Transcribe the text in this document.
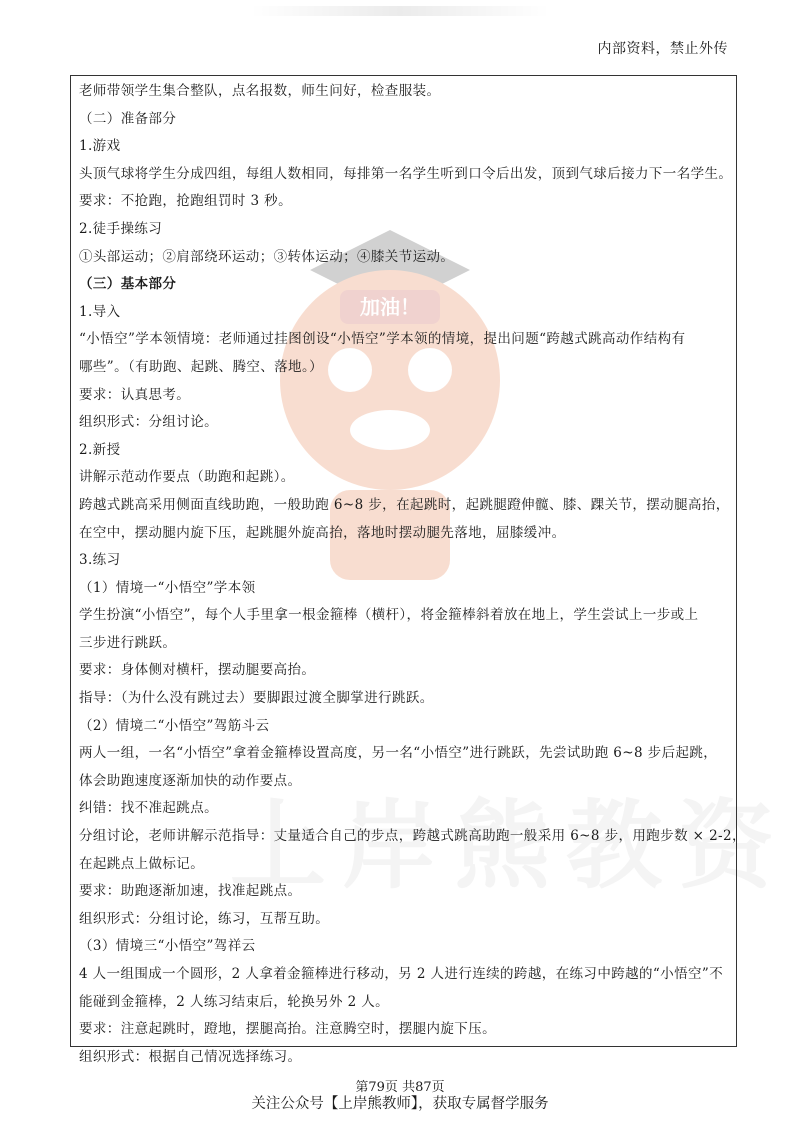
内部资料，禁止外传
加油！
老师带领学生集合整队，点名报数，师生问好，检查服装。
（二）准备部分
1.游戏
头顶气球将学生分成四组，每组人数相同，每排第一名学生听到口令后出发，顶到气球后接力下一名学生。
要求：不抢跑，抢跑组罚时 3 秒。
2.徒手操练习
①头部运动；②肩部绕环运动；③转体运动；④膝关节运动。
（三）基本部分
1.导入
“小悟空”学本领情境：老师通过挂图创设“小悟空”学本领的情境，提出问题“跨越式跳高动作结构有
哪些”。（有助跑、起跳、腾空、落地。）
要求：认真思考。
组织形式：分组讨论。
2.新授
讲解示范动作要点（助跑和起跳）。
跨越式跳高采用侧面直线助跑，一般助跑 6~8 步，在起跳时，起跳腿蹬伸髋、膝、踝关节，摆动腿高抬，
在空中，摆动腿内旋下压，起跳腿外旋高抬，落地时摆动腿先落地，屈膝缓冲。
3.练习
（1）情境一“小悟空”学本领
学生扮演“小悟空”，每个人手里拿一根金箍棒（横杆），将金箍棒斜着放在地上，学生尝试上一步或上
三步进行跳跃。
要求：身体侧对横杆，摆动腿要高抬。
指导：（为什么没有跳过去）要脚跟过渡全脚掌进行跳跃。
（2）情境二“小悟空”驾筋斗云
两人一组，一名“小悟空”拿着金箍棒设置高度，另一名“小悟空”进行跳跃，先尝试助跑 6~8 步后起跳，
体会助跑速度逐渐加快的动作要点。
纠错：找不准起跳点。
分组讨论，老师讲解示范指导：丈量适合自己的步点，跨越式跳高助跑一般采用 6~8 步，用跑步数 × 2-2，
在起跳点上做标记。
要求：助跑逐渐加速，找准起跳点。
组织形式：分组讨论，练习，互帮互助。
（3）情境三“小悟空”驾祥云
4 人一组围成一个圆形，2 人拿着金箍棒进行移动，另 2 人进行连续的跨越，在练习中跨越的“小悟空”不
能碰到金箍棒，2 人练习结束后，轮换另外 2 人。
要求：注意起跳时，蹬地，摆腿高抬。注意腾空时，摆腿内旋下压。
组织形式：根据自己情况选择练习。
第79页 共87页
关注公众号【上岸熊教师】，获取专属督学服务
